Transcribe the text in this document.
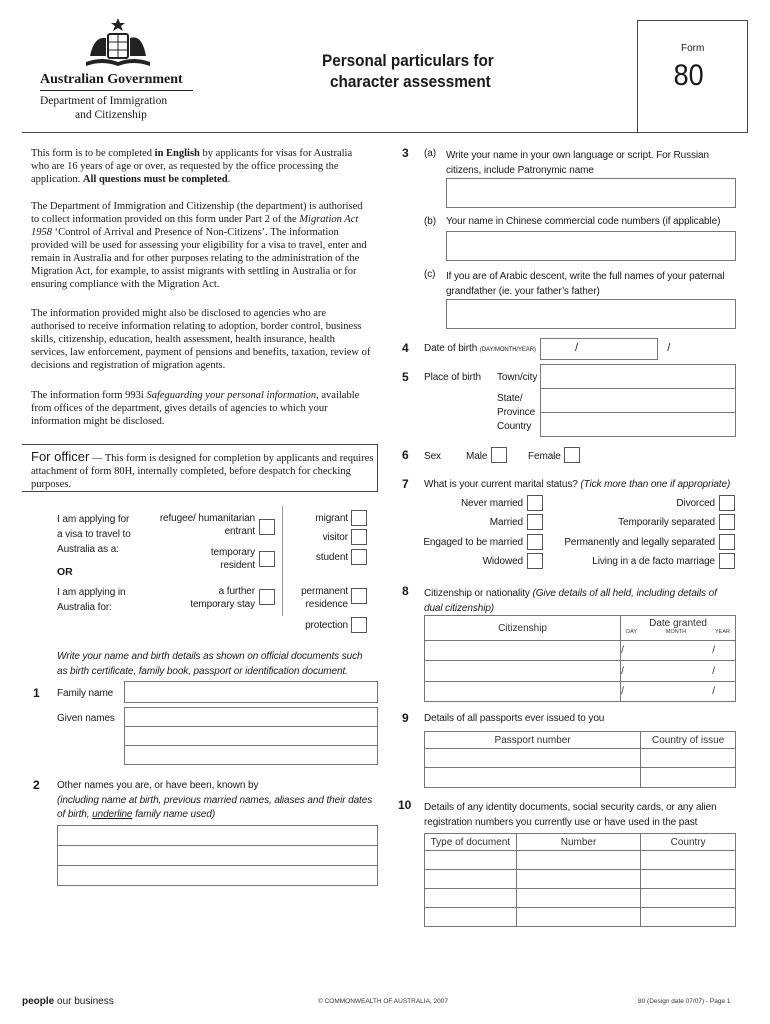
Australian Government
Department of Immigration
and Citizenship
Personal particulars for
character assessment
Form
80
This form is to be completed in English by applicants for visas for Australia who are 16 years of age or over, as requested by the office processing the application. All questions must be completed.
The Department of Immigration and Citizenship (the department) is authorised to collect information provided on this form under Part 2 of the Migration Act 1958 ‘Control of Arrival and Presence of Non-Citizens’. The information provided will be used for assessing your eligibility for a visa to travel, enter and remain in Australia and for other purposes relating to the administration of the Migration Act, for example, to assist migrants with settling in Australia or for ensuring compliance with the Migration Act.
The information provided might also be disclosed to agencies who are authorised to receive information relating to adoption, border control, business skills, citizenship, education, health assessment, health insurance, health services, law enforcement, payment of pensions and benefits, taxation, review of decisions and registration of migration agents.
The information form 993i Safeguarding your personal information, available from offices of the department, gives details of agencies to which your information might be disclosed.
For officer — This form is designed for completion by applicants and requires attachment of form 80H, internally completed, before despatch for checking purposes.
I am applying for a visa to travel to Australia as a:
OR
I am applying in Australia for:
refugee/ humanitarian entrant
temporary resident
a further temporary stay
migrant
visitor
student
permanent residence
protection
Write your name and birth details as shown on official documents such as birth certificate, family book, passport or identification document.
1 Family name
Given names
2 Other names you are, or have been, known by
(including name at birth, previous married names, aliases and their dates
of birth, underline family name used)
3 (a) Write your name in your own language or script. For Russian citizens, include Patronymic name
(b) Your name in Chinese commercial code numbers (if applicable)
(c) If you are of Arabic descent, write the full names of your paternal grandfather (ie. your father’s father)
4 Date of birth (DAY/MONTH/YEAR)	/   /
5 Place of birth Town/city
State/ Province
Country
6 Sex	Male	Female
7 What is your current marital status? (Tick more than one if appropriate)
Never married
Married
Engaged to be married
Widowed
Divorced
Temporarily separated
Permanently and legally separated
Living in a de facto marriage
8 Citizenship or nationality (Give details of all held, including details of dual citizenship)
Citizenship	Date granted
DAY MONTH YEAR

	/   /
	/   /
	/   /
9 Details of all passports ever issued to you
Passport number	Country of issue

10 Details of any identity documents, social security cards, or any alien registration numbers you currently use or have used in the past
Type of document	Number	Country

people our business	© COMMONWEALTH OF AUSTRALIA, 2007	80 (Design date 07/07) - Page 1
